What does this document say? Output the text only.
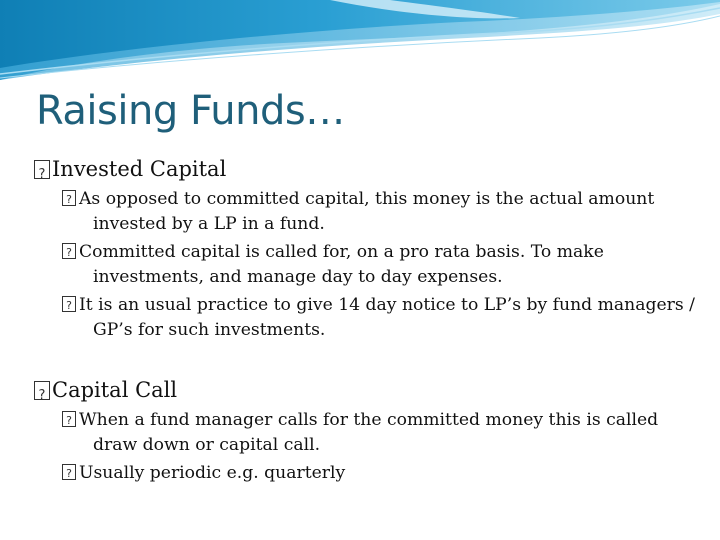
Raising Funds…
?Invested Capital
?As opposed to committed capital, this money is the actual amount invested by a LP in a fund.
?Committed capital is called for, on a pro rata basis. To make investments, and manage day to day expenses.
?It is an usual practice to give 14 day notice to LP’s by fund managers / GP’s for such investments.
?Capital Call
?When a fund manager calls for the committed money this is called draw down or capital call.
?Usually periodic e.g. quarterly
